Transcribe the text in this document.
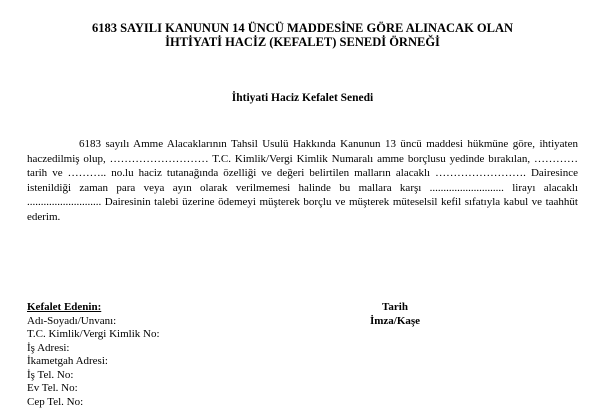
6183 SAYILI KANUNUN 14 ÜNCÜ MADDESİNE GÖRE ALINACAK OLAN
İHTİYATİ HACİZ (KEFALET) SENEDİ ÖRNEĞİ
İhtiyati Haciz Kefalet Senedi

6183 sayılı Amme Alacaklarının Tahsil Usulü Hakkında Kanunun 13 üncü maddesi hükmüne göre, ihtiyaten haczedilmiş olup, ……………………… T.C. Kimlik/Vergi Kimlik Numaralı amme borçlusu yedinde bırakılan, ………… tarih ve ……….. no.lu haciz tutanağında özelliği ve değeri belirtilen malların alacaklı ……………………. Dairesince istenildiği zaman para veya ayın olarak verilmemesi halinde bu mallara karşı ........................... lirayı alacaklı ........................... Dairesinin talebi üzerine ödemeyi müşterek borçlu ve müşterek müteselsil kefil sıfatıyla kabul ve taahhüt ederim.

Kefalet Edenin:
Adı-Soyadı/Unvanı:
T.C. Kimlik/Vergi Kimlik No:
İş Adresi:
İkametgah Adresi:
İş Tel. No:
Ev Tel. No:
Cep Tel. No:
Tarih
İmza/Kaşe
